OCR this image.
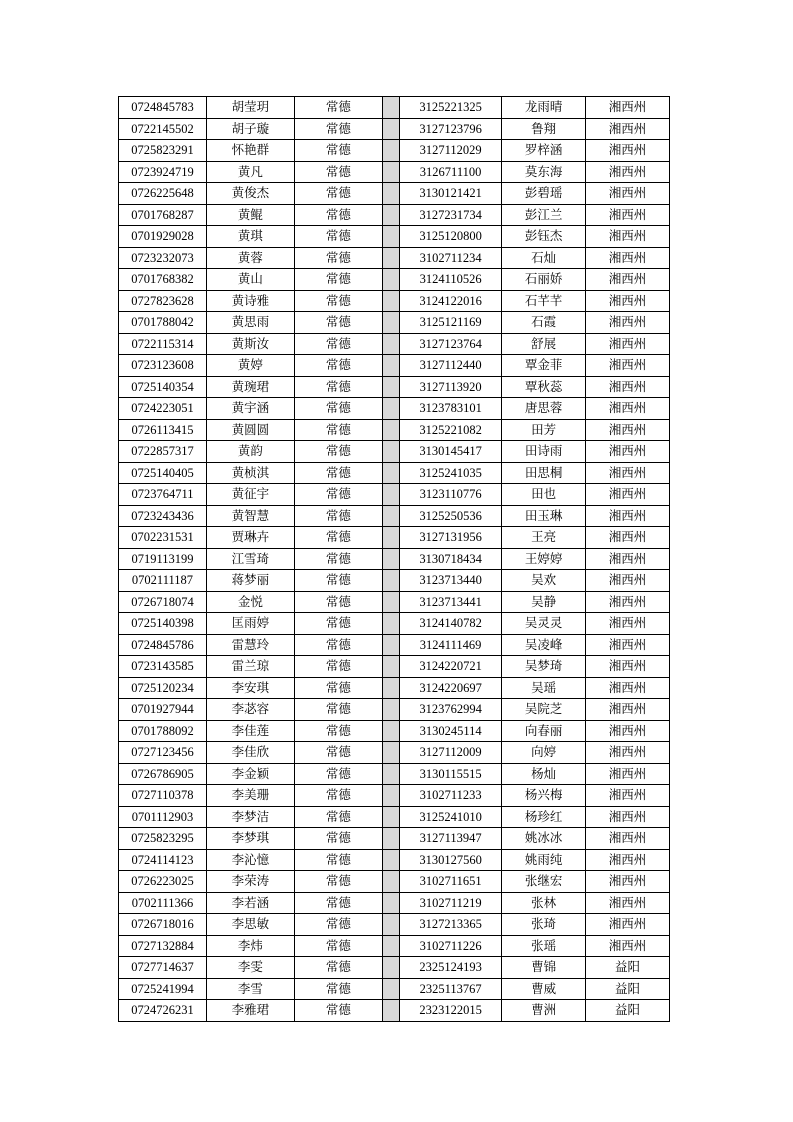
0724845783	胡莹玥	常德		3125221325	龙雨晴	湘西州
0722145502	胡子璇	常德		3127123796	鲁翔	湘西州
0725823291	怀艳群	常德		3127112029	罗梓涵	湘西州
0723924719	黄凡	常德		3126711100	莫东海	湘西州
0726225648	黄俊杰	常德		3130121421	彭碧瑶	湘西州
0701768287	黄鲲	常德		3127231734	彭江兰	湘西州
0701929028	黄琪	常德		3125120800	彭钰杰	湘西州
0723232073	黄蓉	常德		3102711234	石灿	湘西州
0701768382	黄山	常德		3124110526	石丽娇	湘西州
0727823628	黄诗雅	常德		3124122016	石芊芊	湘西州
0701788042	黄思雨	常德		3125121169	石霞	湘西州
0722115314	黄斯汝	常德		3127123764	舒展	湘西州
0723123608	黄婷	常德		3127112440	覃金菲	湘西州
0725140354	黄琬珺	常德		3127113920	覃秋蕊	湘西州
0724223051	黄宇涵	常德		3123783101	唐思蓉	湘西州
0726113415	黄圆圆	常德		3125221082	田芳	湘西州
0722857317	黄韵	常德		3130145417	田诗雨	湘西州
0725140405	黄桢淇	常德		3125241035	田思桐	湘西州
0723764711	黄征宇	常德		3123110776	田也	湘西州
0723243436	黄智慧	常德		3125250536	田玉琳	湘西州
0702231531	贾琳卉	常德		3127131956	王亮	湘西州
0719113199	江雪琦	常德		3130718434	王婷婷	湘西州
0702111187	蒋梦丽	常德		3123713440	吴欢	湘西州
0726718074	金悦	常德		3123713441	吴静	湘西州
0725140398	匡雨婷	常德		3124140782	吴灵灵	湘西州
0724845786	雷慧玲	常德		3124111469	吴凌峰	湘西州
0723143585	雷兰琼	常德		3124220721	吴梦琦	湘西州
0725120234	李安琪	常德		3124220697	吴瑶	湘西州
0701927944	李苾容	常德		3123762994	吴院芝	湘西州
0701788092	李佳莲	常德		3130245114	向春丽	湘西州
0727123456	李佳欣	常德		3127112009	向婷	湘西州
0726786905	李金颖	常德		3130115515	杨灿	湘西州
0727110378	李美珊	常德		3102711233	杨兴梅	湘西州
0701112903	李梦洁	常德		3125241010	杨珍红	湘西州
0725823295	李梦琪	常德		3127113947	姚冰冰	湘西州
0724114123	李沁憶	常德		3130127560	姚雨纯	湘西州
0726223025	李荣涛	常德		3102711651	张继宏	湘西州
0702111366	李若涵	常德		3102711219	张林	湘西州
0726718016	李思敏	常德		3127213365	张琦	湘西州
0727132884	李炜	常德		3102711226	张瑶	湘西州
0727714637	李雯	常德		2325124193	曹锦	益阳
0725241994	李雪	常德		2325113767	曹威	益阳
0724726231	李雅珺	常德		2323122015	曹洲	益阳
